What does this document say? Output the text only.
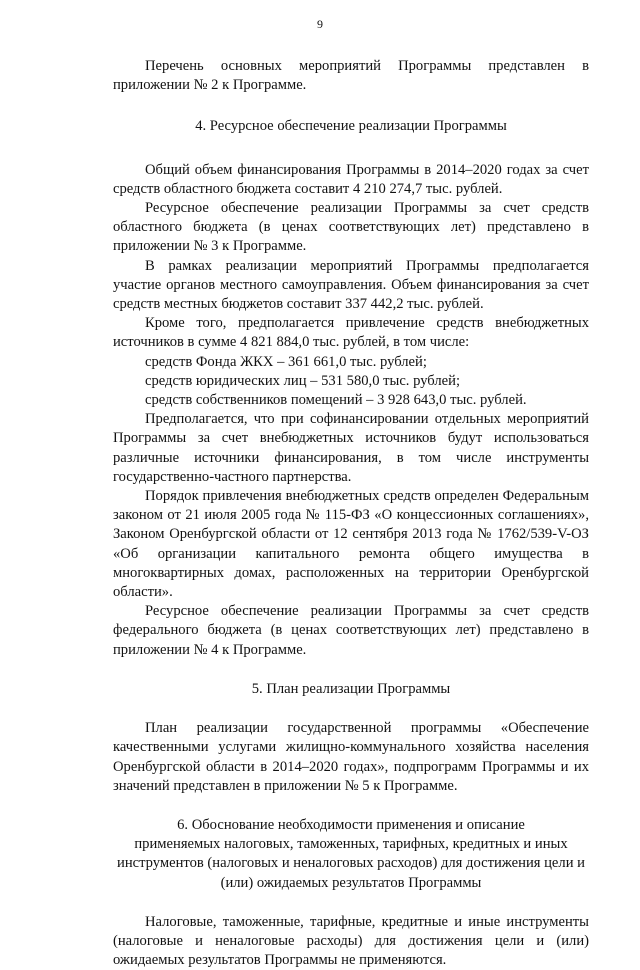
9

Перечень основных мероприятий Программы представлен в приложении № 2 к Программе.

4. Ресурсное обеспечение реализации Программы

Общий объем финансирования Программы в 2014–2020 годах за счет средств областного бюджета составит 4 210 274,7 тыс. рублей.

Ресурсное обеспечение реализации Программы за счет средств областного бюджета (в ценах соответствующих лет) представлено в приложении № 3 к Программе.

В рамках реализации мероприятий Программы предполагается участие органов местного самоуправления. Объем финансирования за счет средств местных бюджетов составит 337 442,2 тыс. рублей.

Кроме того, предполагается привлечение средств внебюджетных источников в сумме 4 821 884,0 тыс. рублей, в том числе:

средств Фонда ЖКХ – 361 661,0 тыс. рублей;

средств юридических лиц – 531 580,0 тыс. рублей;

средств собственников помещений – 3 928 643,0 тыс. рублей.

Предполагается, что при софинансировании отдельных мероприятий Программы за счет внебюджетных источников будут использоваться различные источники финансирования, в том числе инструменты государственно-частного партнерства.

Порядок привлечения внебюджетных средств определен Федеральным законом от 21 июля 2005 года № 115-ФЗ «О концессионных соглашениях», Законом Оренбургской области от 12 сентября 2013 года № 1762/539-V-ОЗ «Об организации капитального ремонта общего имущества в многоквартирных домах, расположенных на территории Оренбургской области».

Ресурсное обеспечение реализации Программы за счет средств федерального бюджета (в ценах соответствующих лет) представлено в приложении № 4 к Программе.

5. План реализации Программы

План реализации государственной программы «Обеспечение качественными услугами жилищно-коммунального хозяйства населения Оренбургской области в 2014–2020 годах», подпрограмм Программы и их значений представлен в приложении № 5 к Программе.

6. Обоснование необходимости применения и описание
применяемых налоговых, таможенных, тарифных, кредитных и иных
инструментов (налоговых и неналоговых расходов) для достижения цели и
(или) ожидаемых результатов Программы

Налоговые, таможенные, тарифные, кредитные и иные инструменты (налоговые и неналоговые расходы) для достижения цели и (или) ожидаемых результатов Программы не применяются.
